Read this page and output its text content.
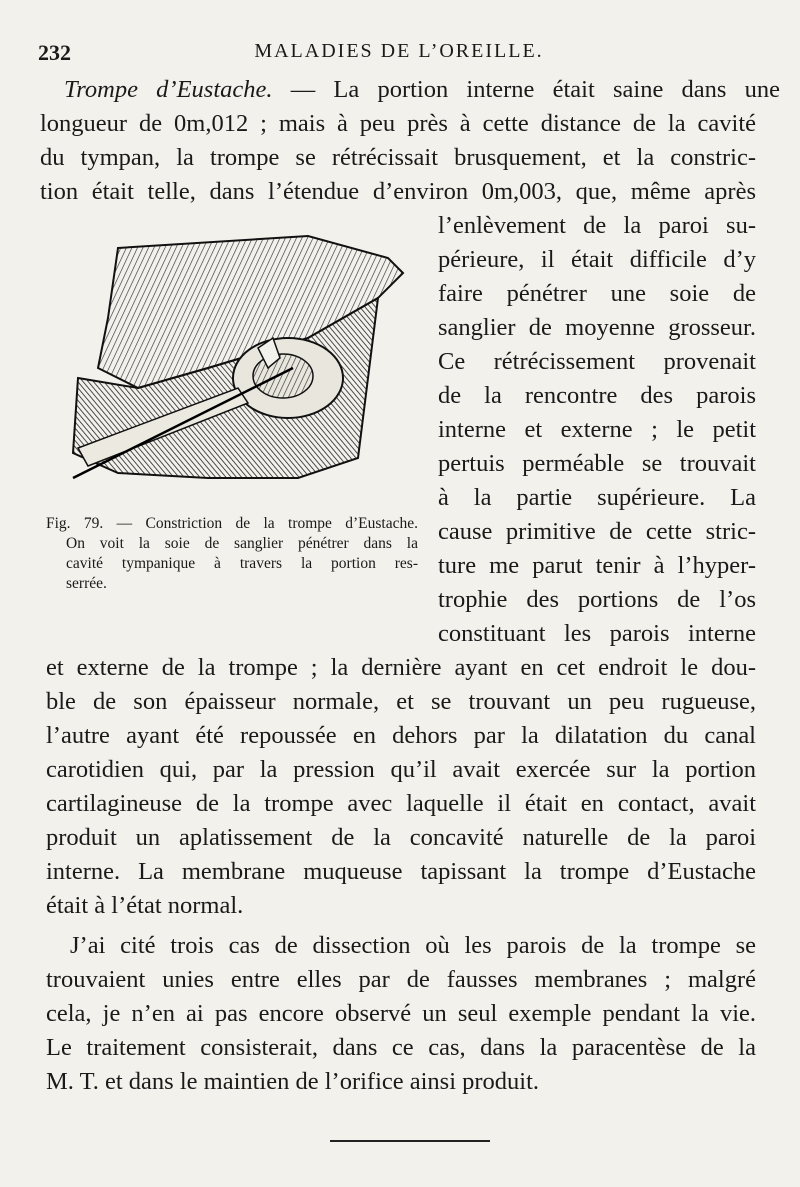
232	MALADIES DE L’OREILLE.
Trompe d’Eustache. — La portion interne était saine dans une
longueur de 0m,012 ; mais à peu près à cette distance de la cavité
du tympan, la trompe se rétrécissait brusquement, et la constric-
tion était telle, dans l’étendue d’environ 0m,003, que, même après
l’enlèvement de la paroi su-
périeure, il était difficile d’y
faire pénétrer une soie de
sanglier de moyenne grosseur.
Ce rétrécissement provenait
de la rencontre des parois
interne et externe ; le petit
pertuis perméable se trouvait
à la partie supérieure. La
cause primitive de cette stric-
ture me parut tenir à l’hyper-
trophie des portions de l’os
constituant les parois interne
Fig. 79. — Constriction de la trompe d’Eustache.
On voit la soie de sanglier pénétrer dans la
cavité tympanique à travers la portion res-
serrée.
et externe de la trompe ; la dernière ayant en cet endroit le dou-
ble de son épaisseur normale, et se trouvant un peu rugueuse,
l’autre ayant été repoussée en dehors par la dilatation du canal
carotidien qui, par la pression qu’il avait exercée sur la portion
cartilagineuse de la trompe avec laquelle il était en contact, avait
produit un aplatissement de la concavité naturelle de la paroi
interne. La membrane muqueuse tapissant la trompe d’Eustache
était à l’état normal.
J’ai cité trois cas de dissection où les parois de la trompe se
trouvaient unies entre elles par de fausses membranes ; malgré
cela, je n’en ai pas encore observé un seul exemple pendant la vie.
Le traitement consisterait, dans ce cas, dans la paracentèse de la
M. T. et dans le maintien de l’orifice ainsi produit.
